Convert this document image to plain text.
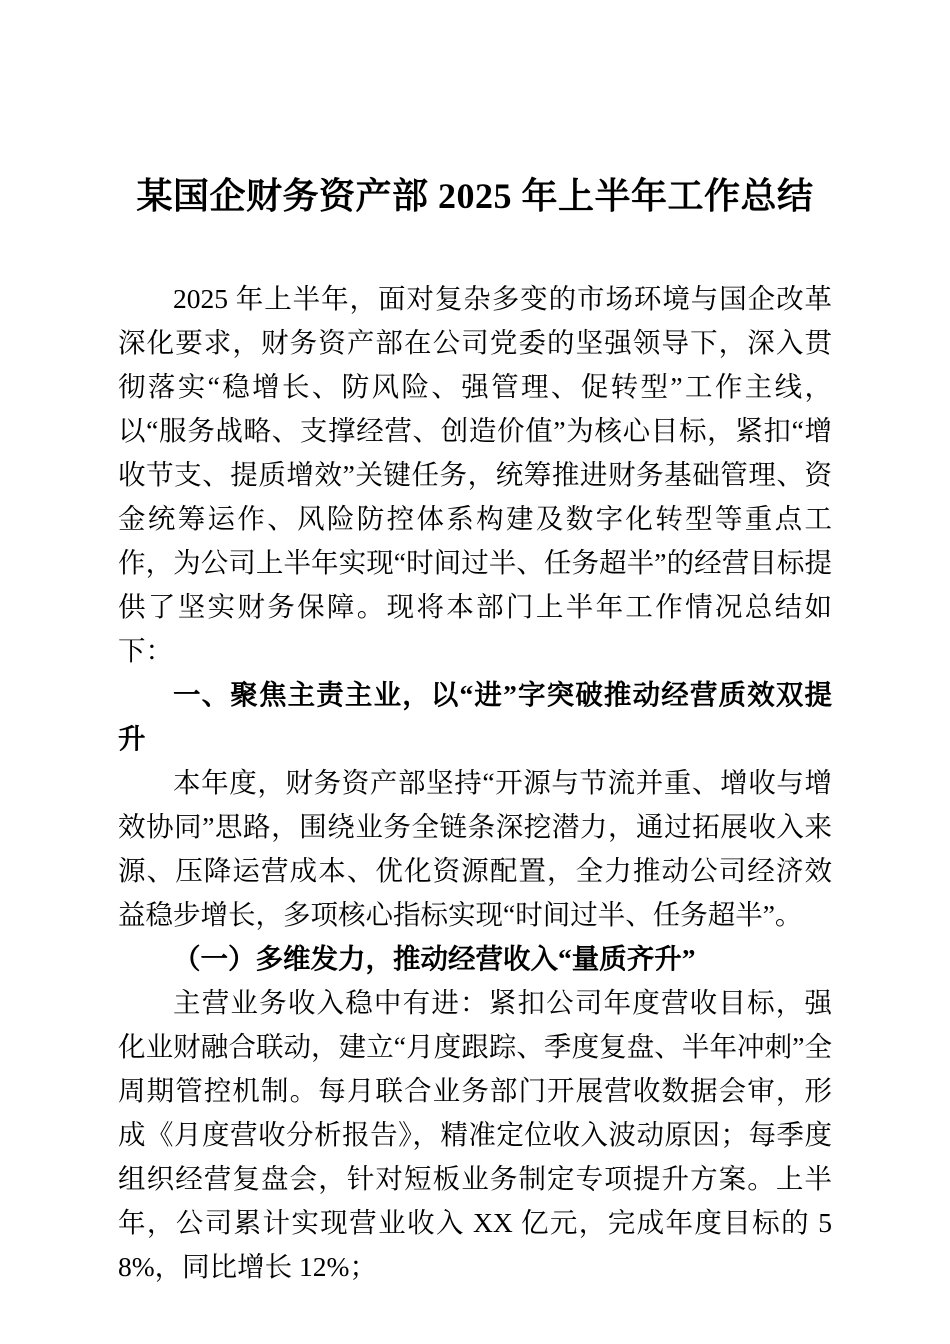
某国企财务资产部 2025 年上半年工作总结

2025 年上半年，面对复杂多变的市场环境与国企改革深化要求，财务资产部在公司党委的坚强领导下，深入贯彻落实“稳增长、防风险、强管理、促转型”工作主线，以“服务战略、支撑经营、创造价值”为核心目标，紧扣“增收节支、提质增效”关键任务，统筹推进财务基础管理、资金统筹运作、风险防控体系构建及数字化转型等重点工作，为公司上半年实现“时间过半、任务超半”的经营目标提供了坚实财务保障。现将本部门上半年工作情况总结如下：

一、聚焦主责主业，以“进”字突破推动经营质效双提升

本年度，财务资产部坚持“开源与节流并重、增收与增效协同”思路，围绕业务全链条深挖潜力，通过拓展收入来源、压降运营成本、优化资源配置，全力推动公司经济效益稳步增长，多项核心指标实现“时间过半、任务超半”。

（一）多维发力，推动经营收入“量质齐升”

主营业务收入稳中有进：紧扣公司年度营收目标，强化业财融合联动，建立“月度跟踪、季度复盘、半年冲刺”全周期管控机制。每月联合业务部门开展营收数据会审，形成《月度营收分析报告》，精准定位收入波动原因；每季度组织经营复盘会，针对短板业务制定专项提升方案。上半年，公司累计实现营业收入 XX 亿元，完成年度目标的 58%，同比增长 12%；
